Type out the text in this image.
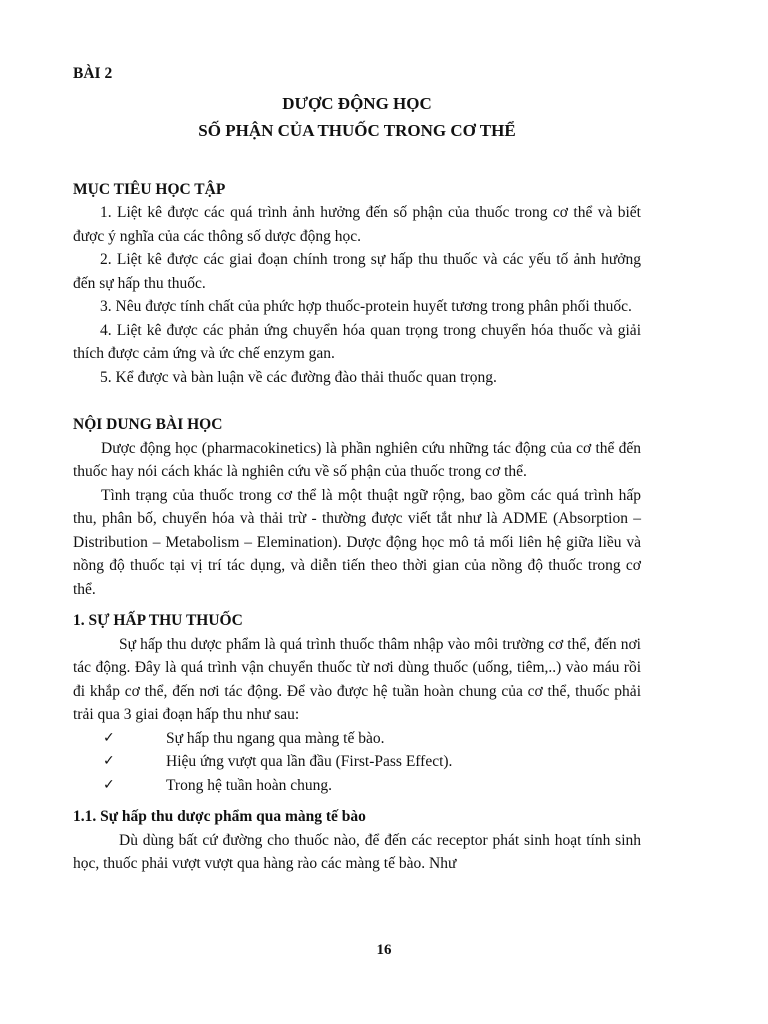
BÀI 2
DƯỢC ĐỘNG HỌC
SỐ PHẬN CỦA THUỐC TRONG CƠ THỂ
MỤC TIÊU HỌC TẬP
1. Liệt kê được các quá trình ảnh hưởng đến số phận của thuốc trong cơ thể và biết được ý nghĩa của các thông số dược động học.
2. Liệt kê được các giai đoạn chính trong sự hấp thu thuốc và các yếu tố ảnh hưởng đến sự hấp thu thuốc.
3. Nêu được tính chất của phức hợp thuốc-protein huyết tương trong phân phối thuốc.
4. Liệt kê được các phản ứng chuyển hóa quan trọng trong chuyển hóa thuốc và giải thích được cảm ứng và ức chế enzym gan.
5. Kể được và bàn luận về các đường đào thải thuốc quan trọng.
NỘI DUNG BÀI HỌC

Dược động học (pharmacokinetics) là phần nghiên cứu những tác động của cơ thể đến thuốc hay nói cách khác là nghiên cứu về số phận của thuốc trong cơ thể.

Tình trạng của thuốc trong cơ thể là một thuật ngữ rộng, bao gồm các quá trình hấp thu, phân bố, chuyển hóa và thải trừ - thường được viết tắt như là ADME (Absorption – Distribution – Metabolism – Elemination). Dược động học mô tả mối liên hệ giữa liều và nồng độ thuốc tại vị trí tác dụng, và diễn tiến theo thời gian của nồng độ thuốc trong cơ thể.

1. SỰ HẤP THU THUỐC

Sự hấp thu dược phẩm là quá trình thuốc thâm nhập vào môi trường cơ thể, đến nơi tác động. Đây là quá trình vận chuyển thuốc từ nơi dùng thuốc (uống, tiêm,..) vào máu rồi đi khắp cơ thể, đến nơi tác động. Để vào được hệ tuần hoàn chung của cơ thể, thuốc phải trải qua 3 giai đoạn hấp thu như sau:

✓	Sự hấp thu ngang qua màng tế bào.
✓	Hiệu ứng vượt qua lần đầu (First-Pass Effect).
✓	Trong hệ tuần hoàn chung.
1.1. Sự hấp thu dược phẩm qua màng tế bào

Dù dùng bất cứ đường cho thuốc nào, để đến các receptor phát sinh hoạt tính sinh học, thuốc phải vượt vượt qua hàng rào các màng tế bào. Như

16
